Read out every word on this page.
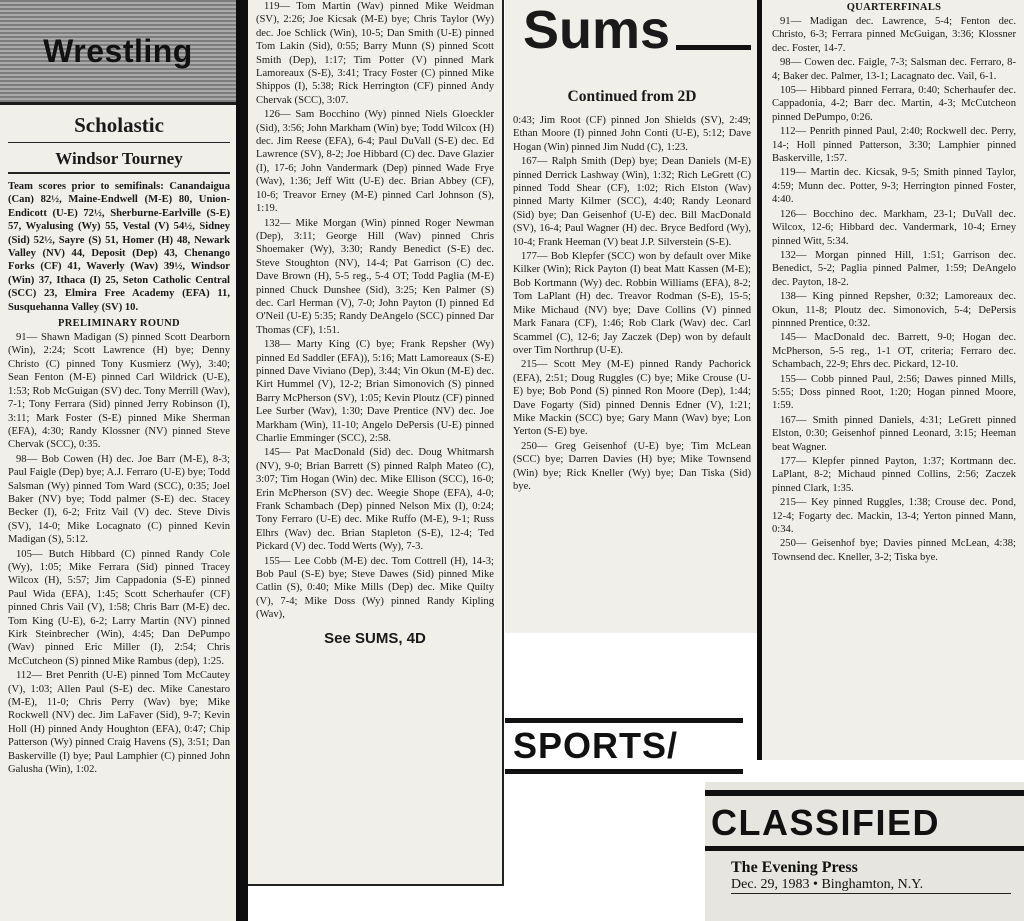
Wrestling
Scholastic
Windsor Tourney

Team scores prior to semifinals: Canandaigua (Can) 82½, Maine-Endwell (M-E) 80, Union-Endicott (U-E) 72½, Sherburne-Earlville (S-E) 57, Wyalusing (Wy) 55, Vestal (V) 54½, Sidney (Sid) 52½, Sayre (S) 51, Homer (H) 48, Newark Valley (NV) 44, Deposit (Dep) 43, Chenango Forks (CF) 41, Waverly (Wav) 39½, Windsor (Win) 37, Ithaca (I) 25, Seton Catholic Central (SCC) 23, Elmira Free Academy (EFA) 11, Susquehanna Valley (SV) 10.

PRELIMINARY ROUND

91— Shawn Madigan (S) pinned Scott Dearborn (Win), 2:24; Scott Lawrence (H) bye; Denny Christo (C) pinned Tony Kusmierz (Wy), 3:40; Sean Fenton (M-E) pinned Carl Wildrick (U-E), 1:53; Rob McGuigan (SV) dec. Tony Merrill (Wav), 7-1; Tony Ferrara (Sid) pinned Jerry Robinson (I), 3:11; Mark Foster (S-E) pinned Mike Sherman (EFA), 4:30; Randy Klossner (NV) pinned Steve Chervak (SCC), 0:35.

98— Bob Cowen (H) dec. Joe Barr (M-E), 8-3; Paul Faigle (Dep) bye; A.J. Ferraro (U-E) bye; Todd Salsman (Wy) pinned Tom Ward (SCC), 0:35; Joel Baker (NV) bye; Todd palmer (S-E) dec. Stacey Becker (I), 6-2; Fritz Vail (V) dec. Steve Divis (SV), 14-0; Mike Locagnato (C) pinned Kevin Madigan (S), 5:12.

105— Butch Hibbard (C) pinned Randy Cole (Wy), 1:05; Mike Ferrara (Sid) pinned Tracey Wilcox (H), 5:57; Jim Cappadonia (S-E) pinned Paul Wida (EFA), 1:45; Scott Scherhaufer (CF) pinned Chris Vail (V), 1:58; Chris Barr (M-E) dec. Tom King (U-E), 6-2; Larry Martin (NV) pinned Kirk Steinbrecher (Win), 4:45; Dan DePumpo (Wav) pinned Eric Miller (I), 2:54; Chris McCutcheon (S) pinned Mike Rambus (dep), 1:25.

112— Bret Penrith (U-E) pinned Tom McCautey (V), 1:03; Allen Paul (S-E) dec. Mike Canestaro (M-E), 11-0; Chris Perry (Wav) bye; Mike Rockwell (NV) dec. Jim LaFaver (Sid), 9-7; Kevin Holl (H) pinned Andy Houghton (EFA), 0:47; Chip Patterson (Wy) pinned Craig Havens (S), 3:51; Dan Baskerville (I) bye; Paul Lamphier (C) pinned John Galusha (Win), 1:02.

119— Tom Martin (Wav) pinned Mike Weidman (SV), 2:26; Joe Kicsak (M-E) bye; Chris Taylor (Wy) dec. Joe Schlick (Win), 10-5; Dan Smith (U-E) pinned Tom Lakin (Sid), 0:55; Barry Munn (S) pinned Scott Smith (Dep), 1:17; Tim Potter (V) pinned Mark Lamoreaux (S-E), 3:41; Tracy Foster (C) pinned Mike Shippos (I), 5:38; Rick Herrington (CF) pinned Andy Chervak (SCC), 3:07.

126— Sam Bocchino (Wy) pinned Niels Gloeckler (Sid), 3:56; John Markham (Win) bye; Todd Wilcox (H) dec. Jim Reese (EFA), 6-4; Paul DuVall (S-E) dec. Ed Lawrence (SV), 8-2; Joe Hibbard (C) dec. Dave Glazier (I), 17-6; John Vandermark (Dep) pinned Wade Frye (Wav), 1:36; Jeff Witt (U-E) dec. Brian Abbey (CF), 10-6; Treavor Erney (M-E) pinned Carl Johnson (S), 1:19.

132— Mike Morgan (Win) pinned Roger Newman (Dep), 3:11; George Hill (Wav) pinned Chris Shoemaker (Wy), 3:30; Randy Benedict (S-E) dec. Steve Stoughton (NV), 14-4; Pat Garrison (C) dec. Dave Brown (H), 5-5 reg., 5-4 OT; Todd Paglia (M-E) pinned Chuck Dunshee (Sid), 3:25; Ken Palmer (S) dec. Carl Herman (V), 7-0; John Payton (I) pinned Ed O'Neil (U-E) 5:35; Randy DeAngelo (SCC) pinned Dar Thomas (CF), 1:51.

138— Marty King (C) bye; Frank Repsher (Wy) pinned Ed Saddler (EFA)), 5:16; Matt Lamoreaux (S-E) pinned Dave Viviano (Dep), 3:44; Vin Okun (M-E) dec. Kirt Hummel (V), 12-2; Brian Simonovich (S) pinned Barry McPherson (SV), 1:05; Kevin Ploutz (CF) pinned Lee Surber (Wav), 1:30; Dave Prentice (NV) dec. Joe Markham (Win), 11-10; Angelo DePersis (U-E) pinned Charlie Emminger (SCC), 2:58.

145— Pat MacDonald (Sid) dec. Doug Whitmarsh (NV), 9-0; Brian Barrett (S) pinned Ralph Mateo (C), 3:07; Tim Hogan (Win) dec. Mike Ellison (SCC), 16-0; Erin McPherson (SV) dec. Weegie Shope (EFA), 4-0; Frank Schambach (Dep) pinned Nelson Mix (I), 0:24; Tony Ferraro (U-E) dec. Mike Ruffo (M-E), 9-1; Russ Elhrs (Wav) dec. Brian Stapleton (S-E), 12-4; Ted Pickard (V) dec. Todd Werts (Wy), 7-3.

155— Lee Cobb (M-E) dec. Tom Cottrell (H), 14-3; Bob Paul (S-E) bye; Steve Dawes (Sid) pinned Mike Catlin (S), 0:40; Mike Mills (Dep) dec. Mike Quilty (V), 7-4; Mike Doss (Wy) pinned Randy Kipling (Wav),

See SUMS, 4D
Sums
Continued from 2D

0:43; Jim Root (CF) pinned Jon Shields (SV), 2:49; Ethan Moore (I) pinned John Conti (U-E), 5:12; Dave Hogan (Win) pinned Jim Nudd (C), 1:23.

167— Ralph Smith (Dep) bye; Dean Daniels (M-E) pinned Derrick Lashway (Win), 1:32; Rich LeGrett (C) pinned Todd Shear (CF), 1:02; Rich Elston (Wav) pinned Marty Kilmer (SCC), 4:40; Randy Leonard (Sid) bye; Dan Geisenhof (U-E) dec. Bill MacDonald (SV), 16-4; Paul Wagner (H) dec. Bryce Bedford (Wy), 10-4; Frank Heeman (V) beat J.P. Silverstein (S-E).

177— Bob Klepfer (SCC) won by default over Mike Kilker (Win); Rick Payton (I) beat Matt Kassen (M-E); Bob Kortmann (Wy) dec. Robbin Williams (EFA), 8-2; Tom LaPlant (H) dec. Treavor Rodman (S-E), 15-5; Mike Michaud (NV) bye; Dave Collins (V) pinned Mark Fanara (CF), 1:46; Rob Clark (Wav) dec. Carl Scammel (C), 12-6; Jay Zaczek (Dep) won by default over Tim Northrup (U-E).

215— Scott Mey (M-E) pinned Randy Pachorick (EFA), 2:51; Doug Ruggles (C) bye; Mike Crouse (U-E) bye; Bob Pond (S) pinned Ron Moore (Dep), 1:44; Dave Fogarty (Sid) pinned Dennis Edner (V), 1:21; Mike Mackin (SCC) bye; Gary Mann (Wav) bye; Lon Yerton (S-E) bye.

250— Greg Geisenhof (U-E) bye; Tim McLean (SCC) bye; Darren Davies (H) bye; Mike Townsend (Win) bye; Rick Kneller (Wy) bye; Dan Tiska (Sid) bye.

QUARTERFINALS

91— Madigan dec. Lawrence, 5-4; Fenton dec. Christo, 6-3; Ferrara pinned McGuigan, 3:36; Klossner dec. Foster, 14-7.

98— Cowen dec. Faigle, 7-3; Salsman dec. Ferraro, 8-4; Baker dec. Palmer, 13-1; Lacagnato dec. Vail, 6-1.

105— Hibbard pinned Ferrara, 0:40; Scherhaufer dec. Cappadonia, 4-2; Barr dec. Martin, 4-3; McCutcheon pinned DePumpo, 0:26.

112— Penrith pinned Paul, 2:40; Rockwell dec. Perry, 14-; Holl pinned Patterson, 3:30; Lamphier pinned Baskerville, 1:57.

119— Martin dec. Kicsak, 9-5; Smith pinned Taylor, 4:59; Munn dec. Potter, 9-3; Herrington pinned Foster, 4:40.

126— Bocchino dec. Markham, 23-1; DuVall dec. Wilcox, 12-6; Hibbard dec. Vandermark, 10-4; Erney pinned Witt, 5:34.

132— Morgan pinned Hill, 1:51; Garrison dec. Benedict, 5-2; Paglia pinned Palmer, 1:59; DeAngelo dec. Payton, 18-2.

138— King pinned Repsher, 0:32; Lamoreaux dec. Okun, 11-8; Ploutz dec. Simonovich, 5-4; DePersis pinnned Prentice, 0:32.

145— MacDonald dec. Barrett, 9-0; Hogan dec. McPherson, 5-5 reg., 1-1 OT, criteria; Ferraro dec. Schambach, 22-9; Ehrs dec. Pickard, 12-10.

155— Cobb pinned Paul, 2:56; Dawes pinned Mills, 5:55; Doss pinned Root, 1:20; Hogan pinned Moore, 1:59.

167— Smith pinned Daniels, 4:31; LeGrett pinned Elston, 0:30; Geisenhof pinned Leonard, 3:15; Heeman beat Wagner.

177— Klepfer pinned Payton, 1:37; Kortmann dec. LaPlant, 8-2; Michaud pinned Collins, 2:56; Zaczek pinned Clark, 1:35.

215— Key pinned Ruggles, 1:38; Crouse dec. Pond, 12-4; Fogarty dec. Mackin, 13-4; Yerton pinned Mann, 0:34.

250— Geisenhof bye; Davies pinned McLean, 4:38; Townsend dec. Kneller, 3-2; Tiska bye.

SPORTS/
CLASSIFIED
The Evening Press
Dec. 29, 1983 • Binghamton, N.Y.
